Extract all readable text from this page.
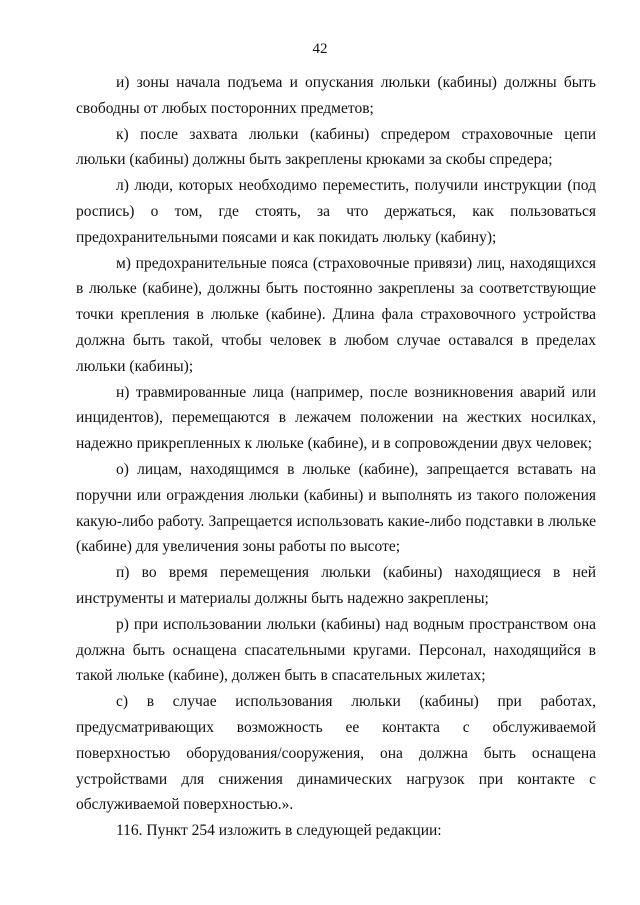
42

и) зоны начала подъема и опускания люльки (кабины) должны быть свободны от любых посторонних предметов;

к) после захвата люльки (кабины) спредером страховочные цепи люльки (кабины) должны быть закреплены крюками за скобы спредера;

л) люди, которых необходимо переместить, получили инструкции (под роспись) о том, где стоять, за что держаться, как пользоваться предохранительными поясами и как покидать люльку (кабину);

м) предохранительные пояса (страховочные привязи) лиц, находящихся в люльке (кабине), должны быть постоянно закреплены за соответствующие точки крепления в люльке (кабине). Длина фала страховочного устройства должна быть такой, чтобы человек в любом случае оставался в пределах люльки (кабины);

н) травмированные лица (например, после возникновения аварий или инцидентов), перемещаются в лежачем положении на жестких носилках, надежно прикрепленных к люльке (кабине), и в сопровождении двух человек;

о) лицам, находящимся в люльке (кабине), запрещается вставать на поручни или ограждения люльки (кабины) и выполнять из такого положения какую-либо работу. Запрещается использовать какие-либо подставки в люльке (кабине) для увеличения зоны работы по высоте;

п) во время перемещения люльки (кабины) находящиеся в ней инструменты и материалы должны быть надежно закреплены;

р) при использовании люльки (кабины) над водным пространством она должна быть оснащена спасательными кругами. Персонал, находящийся в такой люльке (кабине), должен быть в спасательных жилетах;

с) в случае использования люльки (кабины) при работах, предусматривающих возможность ее контакта с обслуживаемой поверхностью оборудования/сооружения, она должна быть оснащена устройствами для снижения динамических нагрузок при контакте с обслуживаемой поверхностью.».

116. Пункт 254 изложить в следующей редакции:
